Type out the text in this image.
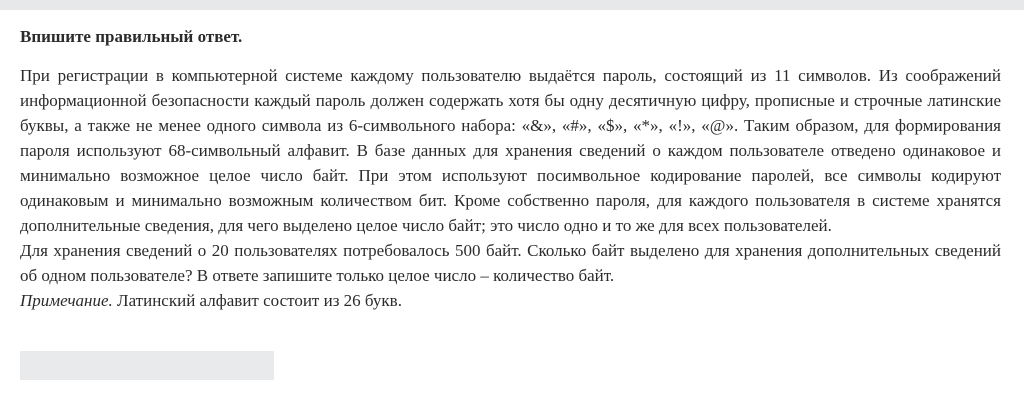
Впишите правильный ответ.

При регистрации в компьютерной системе каждому пользователю выдаётся пароль, состоящий из 11 символов. Из соображений информационной безопасности каждый пароль должен содержать хотя бы одну десятичную цифру, прописные и строчные латинские буквы, а также не менее одного символа из 6-символьного набора: «&», «#», «$», «*», «!», «@». Таким образом, для формирования пароля используют 68-символьный алфавит. В базе данных для хранения сведений о каждом пользователе отведено одинаковое и минимально возможное целое число байт. При этом используют посимвольное кодирование паролей, все символы кодируют одинаковым и минимально возможным количеством бит. Кроме собственно пароля, для каждого пользователя в системе хранятся дополнительные сведения, для чего выделено целое число байт; это число одно и то же для всех пользователей.

Для хранения сведений о 20 пользователях потребовалось 500 байт. Сколько байт выделено для хранения дополнительных сведений об одном пользователе? В ответе запишите только целое число – количество байт.

Примечание. Латинский алфавит состоит из 26 букв.
